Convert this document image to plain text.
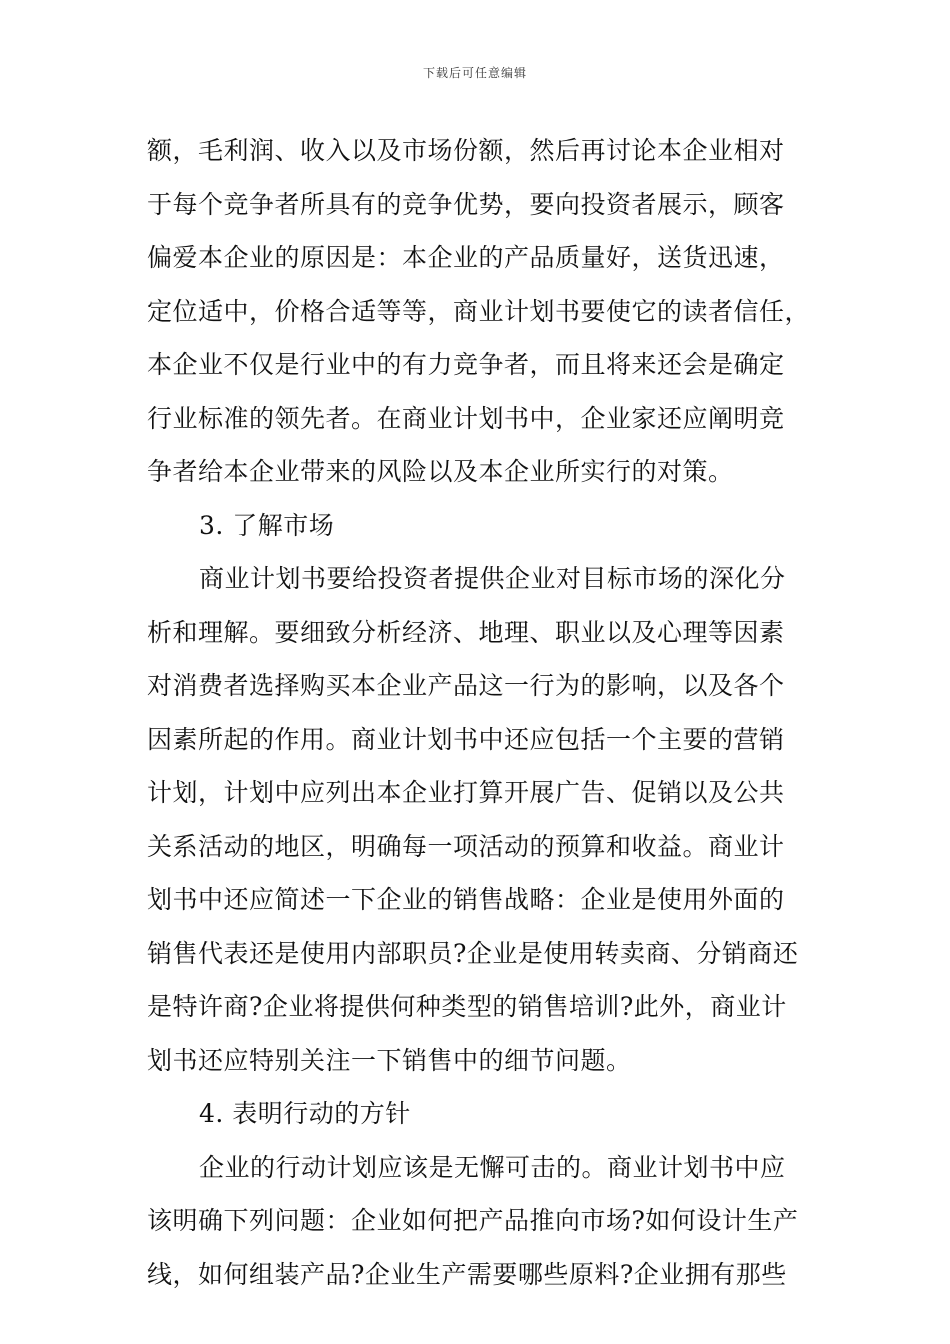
下载后可任意编辑
额，毛利润、收入以及市场份额，然后再讨论本企业相对
于每个竞争者所具有的竞争优势，要向投资者展示，顾客
偏爱本企业的原因是：本企业的产品质量好，送货迅速，
定位适中，价格合适等等，商业计划书要使它的读者信任，
本企业不仅是行业中的有力竞争者，而且将来还会是确定
行业标准的领先者。在商业计划书中，企业家还应阐明竞
争者给本企业带来的风险以及本企业所实行的对策。
3. 了解市场
商业计划书要给投资者提供企业对目标市场的深化分
析和理解。要细致分析经济、地理、职业以及心理等因素
对消费者选择购买本企业产品这一行为的影响，以及各个
因素所起的作用。商业计划书中还应包括一个主要的营销
计划，计划中应列出本企业打算开展广告、促销以及公共
关系活动的地区，明确每一项活动的预算和收益。商业计
划书中还应简述一下企业的销售战略：企业是使用外面的
销售代表还是使用内部职员?企业是使用转卖商、分销商还
是特许商?企业将提供何种类型的销售培训?此外，商业计
划书还应特别关注一下销售中的细节问题。
4. 表明行动的方针
企业的行动计划应该是无懈可击的。商业计划书中应
该明确下列问题：企业如何把产品推向市场?如何设计生产
线，如何组装产品?企业生产需要哪些原料?企业拥有那些
